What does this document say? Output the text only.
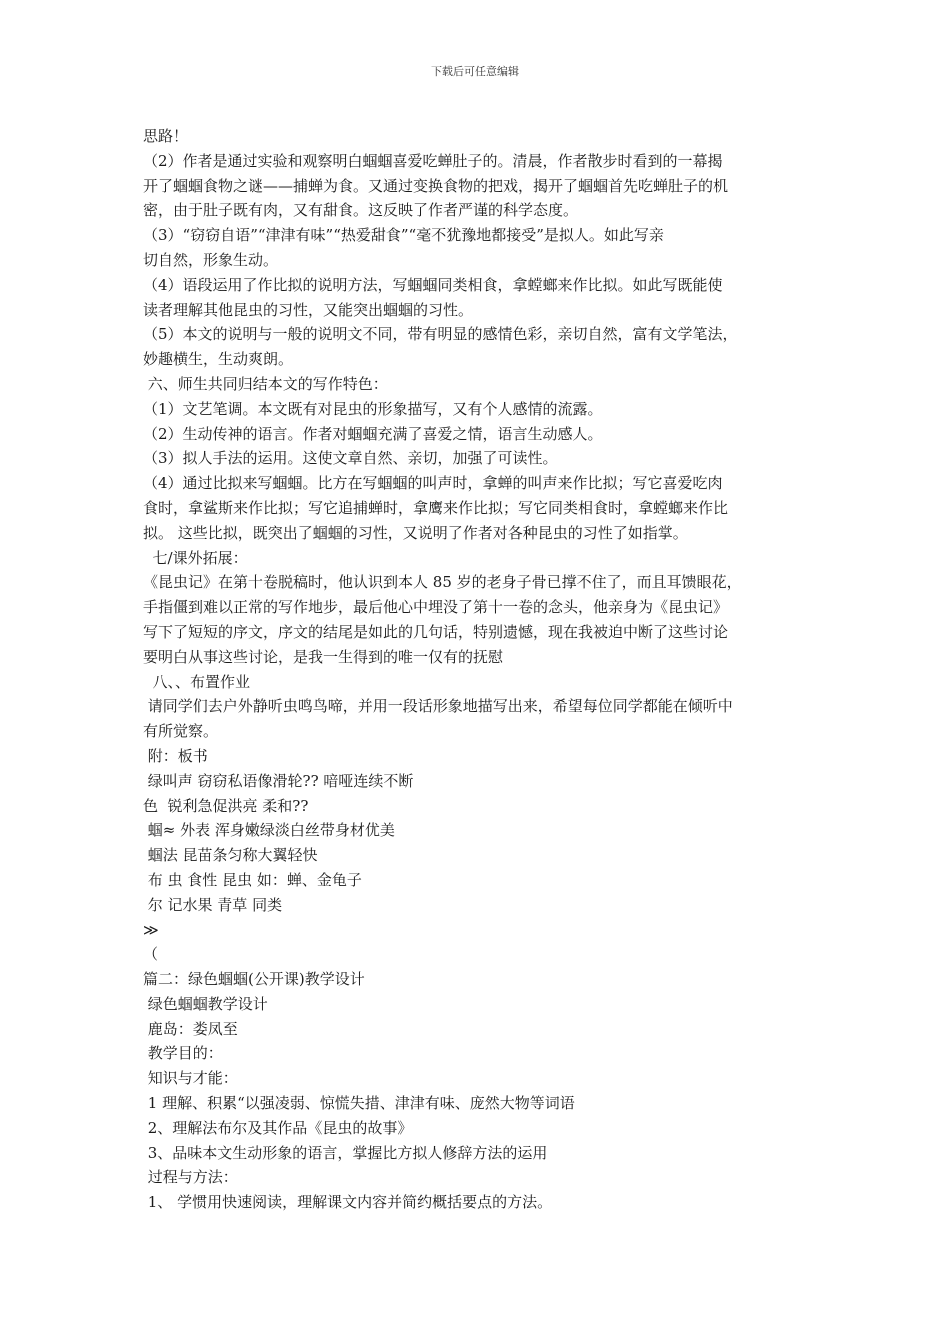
下载后可任意编辑
思路！
（2）作者是通过实验和观察明白蝈蝈喜爱吃蝉肚子的。清晨，作者散步时看到的一幕揭
开了蝈蝈食物之谜——捕蝉为食。又通过变换食物的把戏，揭开了蝈蝈首先吃蝉肚子的机
密，由于肚子既有肉，又有甜食。这反映了作者严谨的科学态度。
（3）“窃窃自语”“津津有味”“热爱甜食”“毫不犹豫地都接受”是拟人。如此写亲
切自然，形象生动。
（4）语段运用了作比拟的说明方法，写蝈蝈同类相食，拿螳螂来作比拟。如此写既能使
读者理解其他昆虫的习性，又能突出蝈蝈的习性。
（5）本文的说明与一般的说明文不同，带有明显的感情色彩，亲切自然，富有文学笔法，
妙趣横生，生动爽朗。
六、师生共同归结本文的写作特色：
（1）文艺笔调。本文既有对昆虫的形象描写，又有个人感情的流露。
（2）生动传神的语言。作者对蝈蝈充满了喜爱之情，语言生动感人。
（3）拟人手法的运用。这使文章自然、亲切，加强了可读性。
（4）通过比拟来写蝈蝈。比方在写蝈蝈的叫声时，拿蝉的叫声来作比拟；写它喜爱吃肉
食时，拿鲨斯来作比拟；写它追捕蝉时，拿鹰来作比拟；写它同类相食时，拿螳螂来作比
拟。 这些比拟，既突出了蝈蝈的习性，又说明了作者对各种昆虫的习性了如指掌。
七/课外拓展：
《昆虫记》在第十卷脱稿时，他认识到本人 85 岁的老身子骨已撑不住了，而且耳馈眼花，
手指僵到难以正常的写作地步，最后他心中埋没了第十一卷的念头，他亲身为《昆虫记》
写下了短短的序文，序文的结尾是如此的几句话，特别遗憾，现在我被迫中断了这些讨论
要明白从事这些讨论，是我一生得到的唯一仅有的抚慰
八、、布置作业
请同学们去户外静听虫鸣鸟啼，并用一段话形象地描写出来，希望每位同学都能在倾听中
有所觉察。
附：板书
绿叫声 窃窃私语像滑轮?? 喑哑连续不断
色  锐利急促洪亮 柔和??
蝈≈ 外表 浑身嫩绿淡白丝带身材优美
蝈法 昆苗条匀称大翼轻快
布 虫 食性 昆虫 如：蝉、金龟子
尔 记水果 青草 同类
≫
（
篇二：绿色蝈蝈(公开课)教学设计
绿色蝈蝈教学设计
鹿岛：娄凤至
教学目的：
知识与才能：
1 理解、积累“以强凌弱、惊慌失措、津津有味、庞然大物等词语
2、理解法布尔及其作品《昆虫的故事》
3、品味本文生动形象的语言，掌握比方拟人修辞方法的运用
过程与方法：
1、 学惯用快速阅读，理解课文内容并简约概括要点的方法。
